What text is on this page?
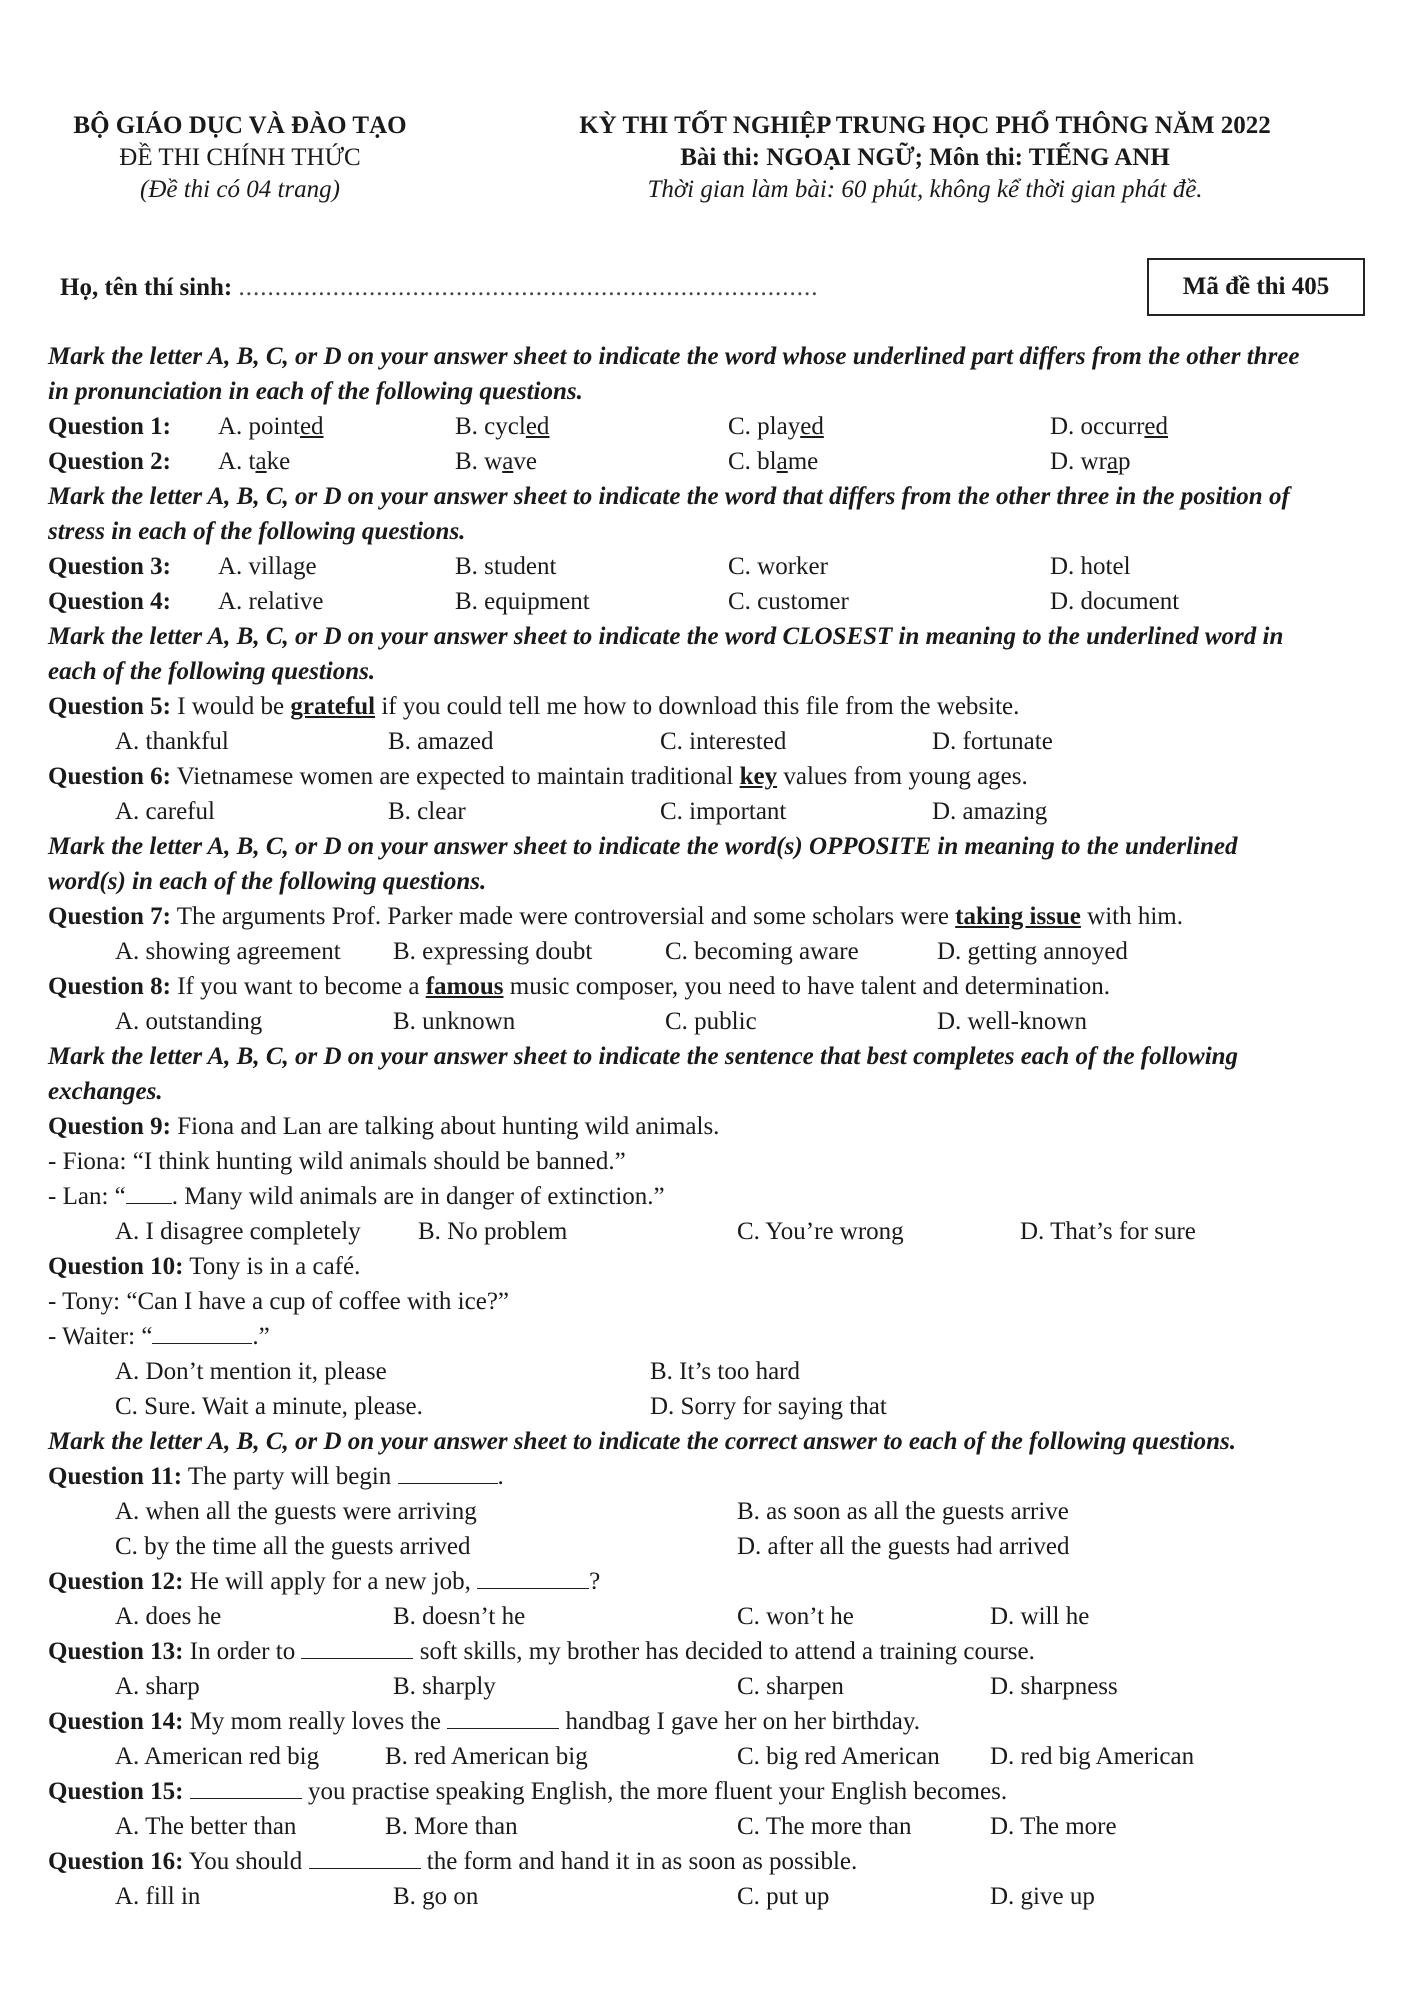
BỘ GIÁO DỤC VÀ ĐÀO TẠO
ĐỀ THI CHÍNH THỨC
(Đề thi có 04 trang)
KỲ THI TỐT NGHIỆP TRUNG HỌC PHỔ THÔNG NĂM 2022
Bài thi: NGOẠI NGỮ; Môn thi: TIẾNG ANH
Thời gian làm bài: 60 phút, không kể thời gian phát đề.
Họ, tên thí sinh: ................................................................................	Mã đề thi 405
Mark the letter A, B, C, or D on your answer sheet to indicate the word whose underlined part differs from the other three
in pronunciation in each of the following questions.
Question 1: A. pointed	B. cycled	C. played	D. occurred
Question 2: A. take	B. wave	C. blame	D. wrap
Mark the letter A, B, C, or D on your answer sheet to indicate the word that differs from the other three in the position of
stress in each of the following questions.
Question 3: A. village	B. student	C. worker	D. hotel
Question 4: A. relative	B. equipment	C. customer	D. document
Mark the letter A, B, C, or D on your answer sheet to indicate the word CLOSEST in meaning to the underlined word in
each of the following questions.
Question 5: I would be grateful if you could tell me how to download this file from the website.
A. thankful	B. amazed	C. interested	D. fortunate
Question 6: Vietnamese women are expected to maintain traditional key values from young ages.
A. careful	B. clear	C. important	D. amazing
Mark the letter A, B, C, or D on your answer sheet to indicate the word(s) OPPOSITE in meaning to the underlined
word(s) in each of the following questions.
Question 7: The arguments Prof. Parker made were controversial and some scholars were taking issue with him.
A. showing agreement B. expressing doubt	C. becoming aware	D. getting annoyed
Question 8: If you want to become a famous music composer, you need to have talent and determination.
A. outstanding	B. unknown	C. public	D. well-known
Mark the letter A, B, C, or D on your answer sheet to indicate the sentence that best completes each of the following
exchanges.
Question 9: Fiona and Lan are talking about hunting wild animals.
- Fiona: “I think hunting wild animals should be banned.”
- Lan: “ . Many wild animals are in danger of extinction.”
A. I disagree completely B. No problem	C. You’re wrong	D. That’s for sure
Question 10: Tony is in a café.
- Tony: “Can I have a cup of coffee with ice?”
- Waiter: “	.”
A. Don’t mention it, please	B. It’s too hard
C. Sure. Wait a minute, please.	D. Sorry for saying that
Mark the letter A, B, C, or D on your answer sheet to indicate the correct answer to each of the following questions.
Question 11: The party will begin	.
A. when all the guests were arriving	B. as soon as all the guests arrive
C. by the time all the guests arrived	D. after all the guests had arrived
Question 12: He will apply for a new job,	?
A. does he	B. doesn’t he	C. won’t he	D. will he
Question 13: In order to	soft skills, my brother has decided to attend a training course.
A. sharp	B. sharply	C. sharpen	D. sharpness
Question 14: My mom really loves the	handbag I gave her on her birthday.
A. American red big	B. red American big	C. big red American D. red big American
Question 15:	you practise speaking English, the more fluent your English becomes.
A. The better than	B. More than	C. The more than	D. The more
Question 16: You should	the form and hand it in as soon as possible.
A. fill in	B. go on	C. put up	D. give up
